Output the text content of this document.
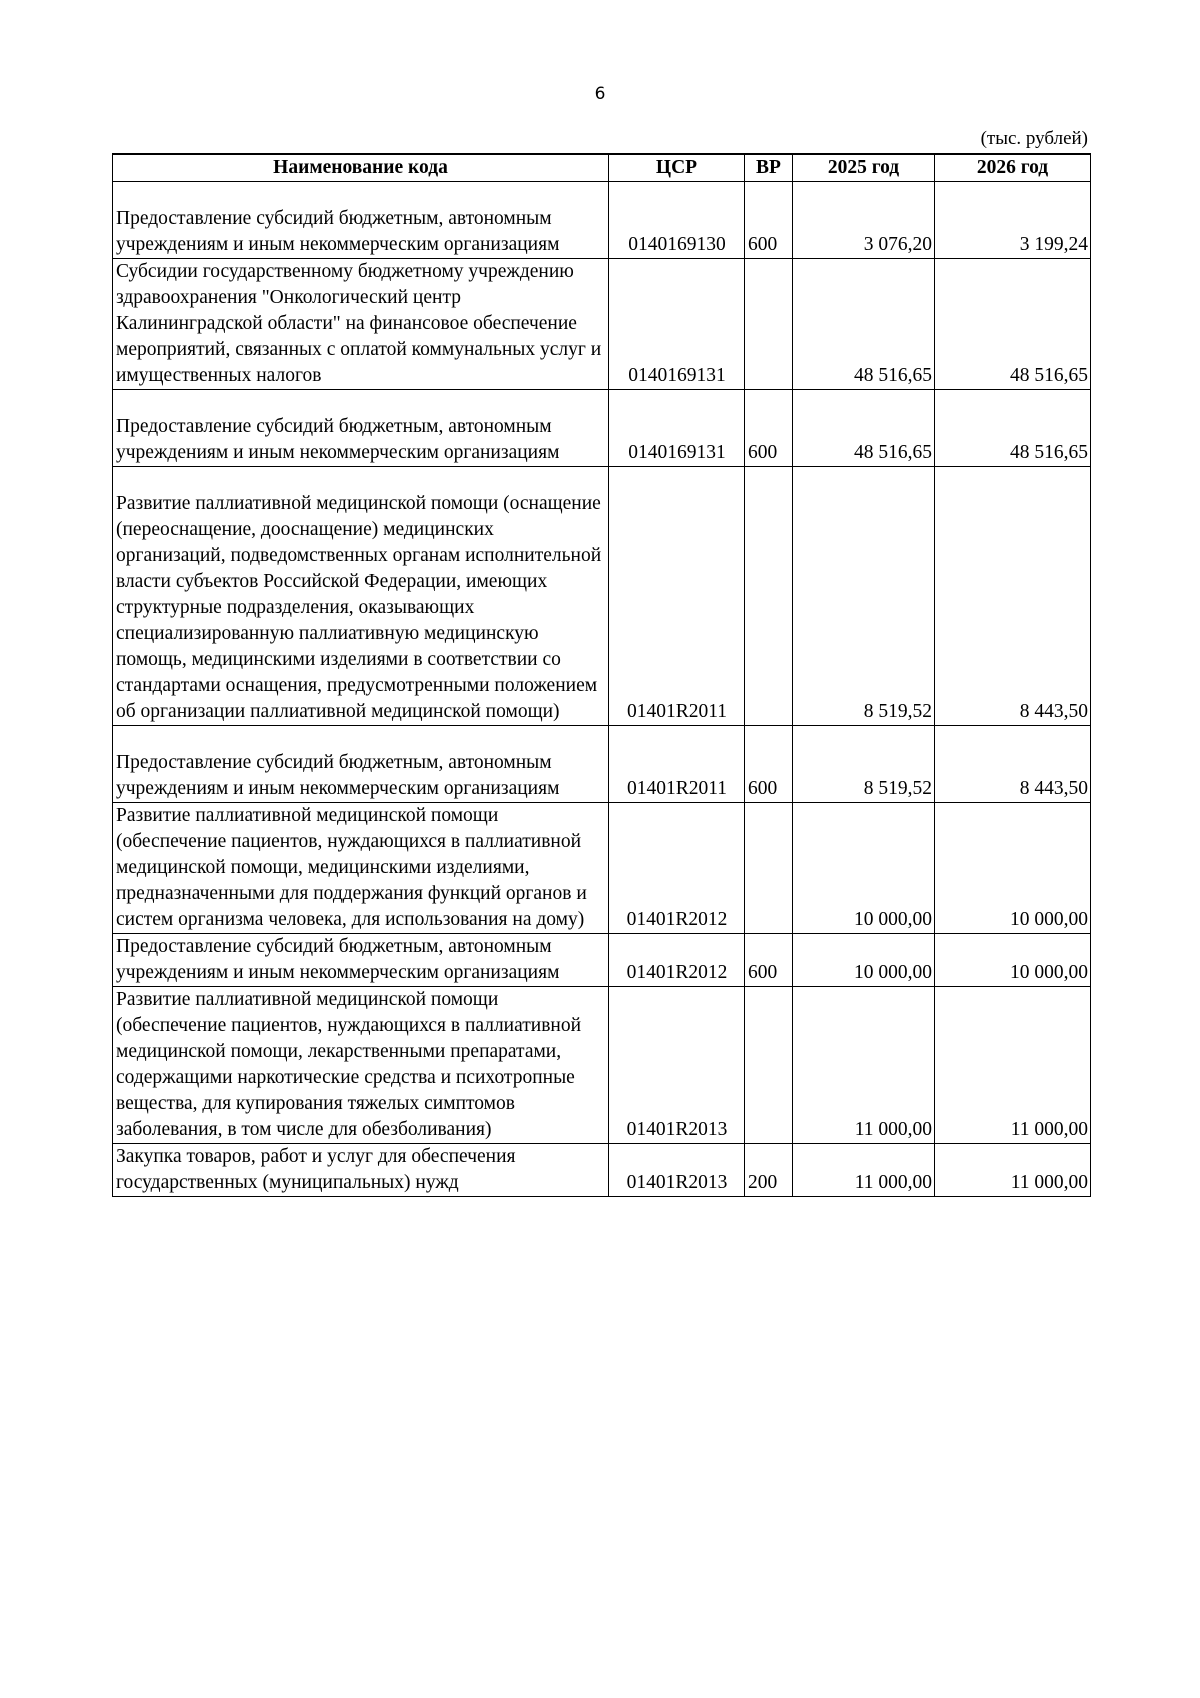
6
(тыс. рублей)
Наименование кода	ЦСР	ВР	2025 год	2026 год
Предоставление субсидий бюджетным, автономным учреждениям и иным некоммерческим организациям	0140169130	600	3 076,20	3 199,24
Субсидии государственному бюджетному учреждению здравоохранения "Онкологический центр Калининградской области" на финансовое обеспечение мероприятий, связанных с оплатой коммунальных услуг и имущественных налогов	0140169131		48 516,65	48 516,65
Предоставление субсидий бюджетным, автономным учреждениям и иным некоммерческим организациям	0140169131	600	48 516,65	48 516,65
Развитие паллиативной медицинской помощи (оснащение (переоснащение, дооснащение) медицинских организаций, подведомственных органам исполнительной власти субъектов Российской Федерации, имеющих структурные подразделения, оказывающих специализированную паллиативную медицинскую помощь, медицинскими изделиями в соответствии со стандартами оснащения, предусмотренными положением об организации паллиативной медицинской помощи)	01401R2011		8 519,52	8 443,50
Предоставление субсидий бюджетным, автономным учреждениям и иным некоммерческим организациям	01401R2011	600	8 519,52	8 443,50
Развитие паллиативной медицинской помощи (обеспечение пациентов, нуждающихся в паллиативной медицинской помощи, медицинскими изделиями, предназначенными для поддержания функций органов и систем организма человека, для использования на дому)	01401R2012		10 000,00	10 000,00
Предоставление субсидий бюджетным, автономным учреждениям и иным некоммерческим организациям	01401R2012	600	10 000,00	10 000,00
Развитие паллиативной медицинской помощи (обеспечение пациентов, нуждающихся в паллиативной медицинской помощи, лекарственными препаратами, содержащими наркотические средства и психотропные вещества, для купирования тяжелых симптомов заболевания, в том числе для обезболивания)	01401R2013		11 000,00	11 000,00
Закупка товаров, работ и услуг для обеспечения государственных (муниципальных) нужд	01401R2013	200	11 000,00	11 000,00
